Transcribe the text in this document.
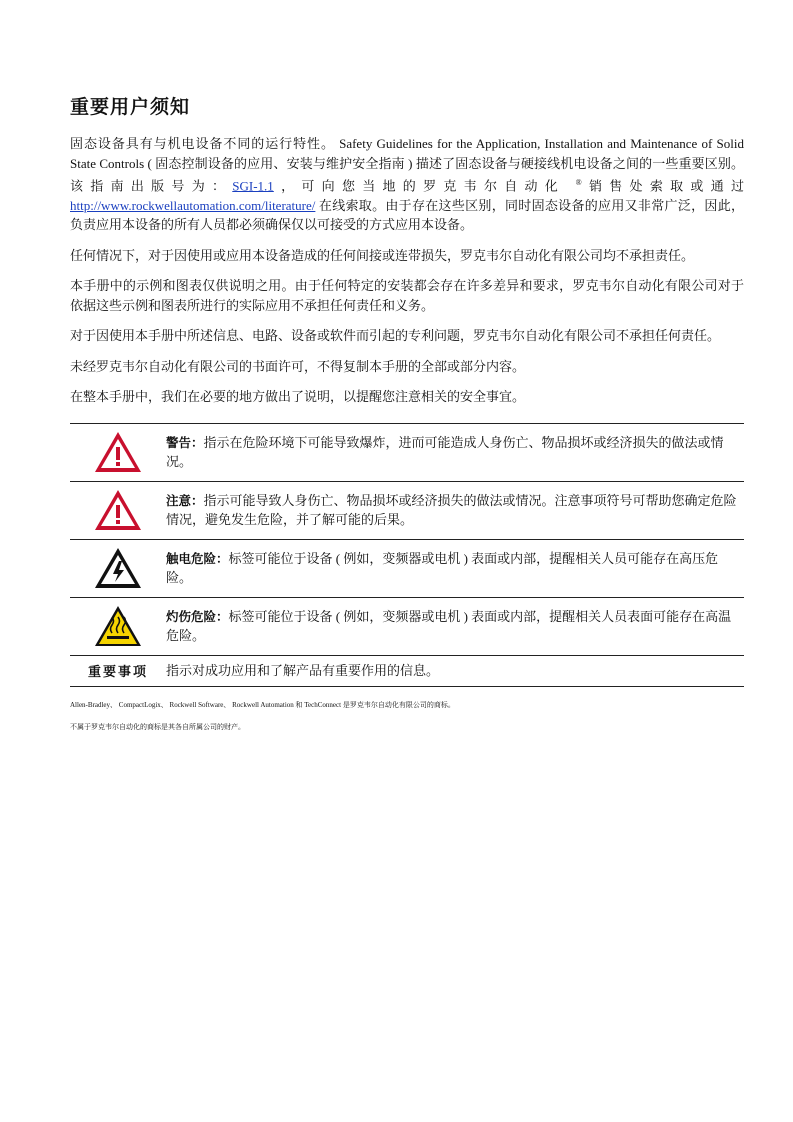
重要用户须知

固态设备具有与机电设备不同的运行特性。 Safety Guidelines for the Application, Installation and Maintenance of Solid State Controls ( 固态控制设备的应用、安装与维护安全指南 ) 描述了固态设备与硬接线机电设备之间的一些重要区别。该指南出版号为：SGI-1.1，可向您当地的罗克韦尔自动化 ®销售处索取或通过 http://www.rockwellautomation.com/literature/ 在线索取。由于存在这些区别，同时固态设备的应用又非常广泛，因此，负责应用本设备的所有人员都必须确保仅以可接受的方式应用本设备。

任何情况下，对于因使用或应用本设备造成的任何间接或连带损失，罗克韦尔自动化有限公司均不承担责任。

本手册中的示例和图表仅供说明之用。由于任何特定的安装都会存在许多差异和要求，罗克韦尔自动化有限公司对于依据这些示例和图表所进行的实际应用不承担任何责任和义务。

对于因使用本手册中所述信息、电路、设备或软件而引起的专利问题，罗克韦尔自动化有限公司不承担任何责任。

未经罗克韦尔自动化有限公司的书面许可，不得复制本手册的全部或部分内容。

在整本手册中，我们在必要的地方做出了说明，以提醒您注意相关的安全事宜。

警告：指示在危险环境下可能导致爆炸，进而可能造成人身伤亡、物品损坏或经济损失的做法或情况。
注意：指示可能导致人身伤亡、物品损坏或经济损失的做法或情况。注意事项符号可帮助您确定危险情况，避免发生危险，并了解可能的后果。
触电危险：标签可能位于设备 ( 例如，变频器或电机 ) 表面或内部，提醒相关人员可能存在高压危险。
灼伤危险：标签可能位于设备 ( 例如，变频器或电机 ) 表面或内部，提醒相关人员表面可能存在高温危险。
重要事项	指示对成功应用和了解产品有重要作用的信息。
Allen-Bradley、 CompactLogix、 Rockwell Software、 Rockwell Automation 和 TechConnect 是罗克韦尔自动化有限公司的商标。
不属于罗克韦尔自动化的商标是其各自所属公司的财产。
